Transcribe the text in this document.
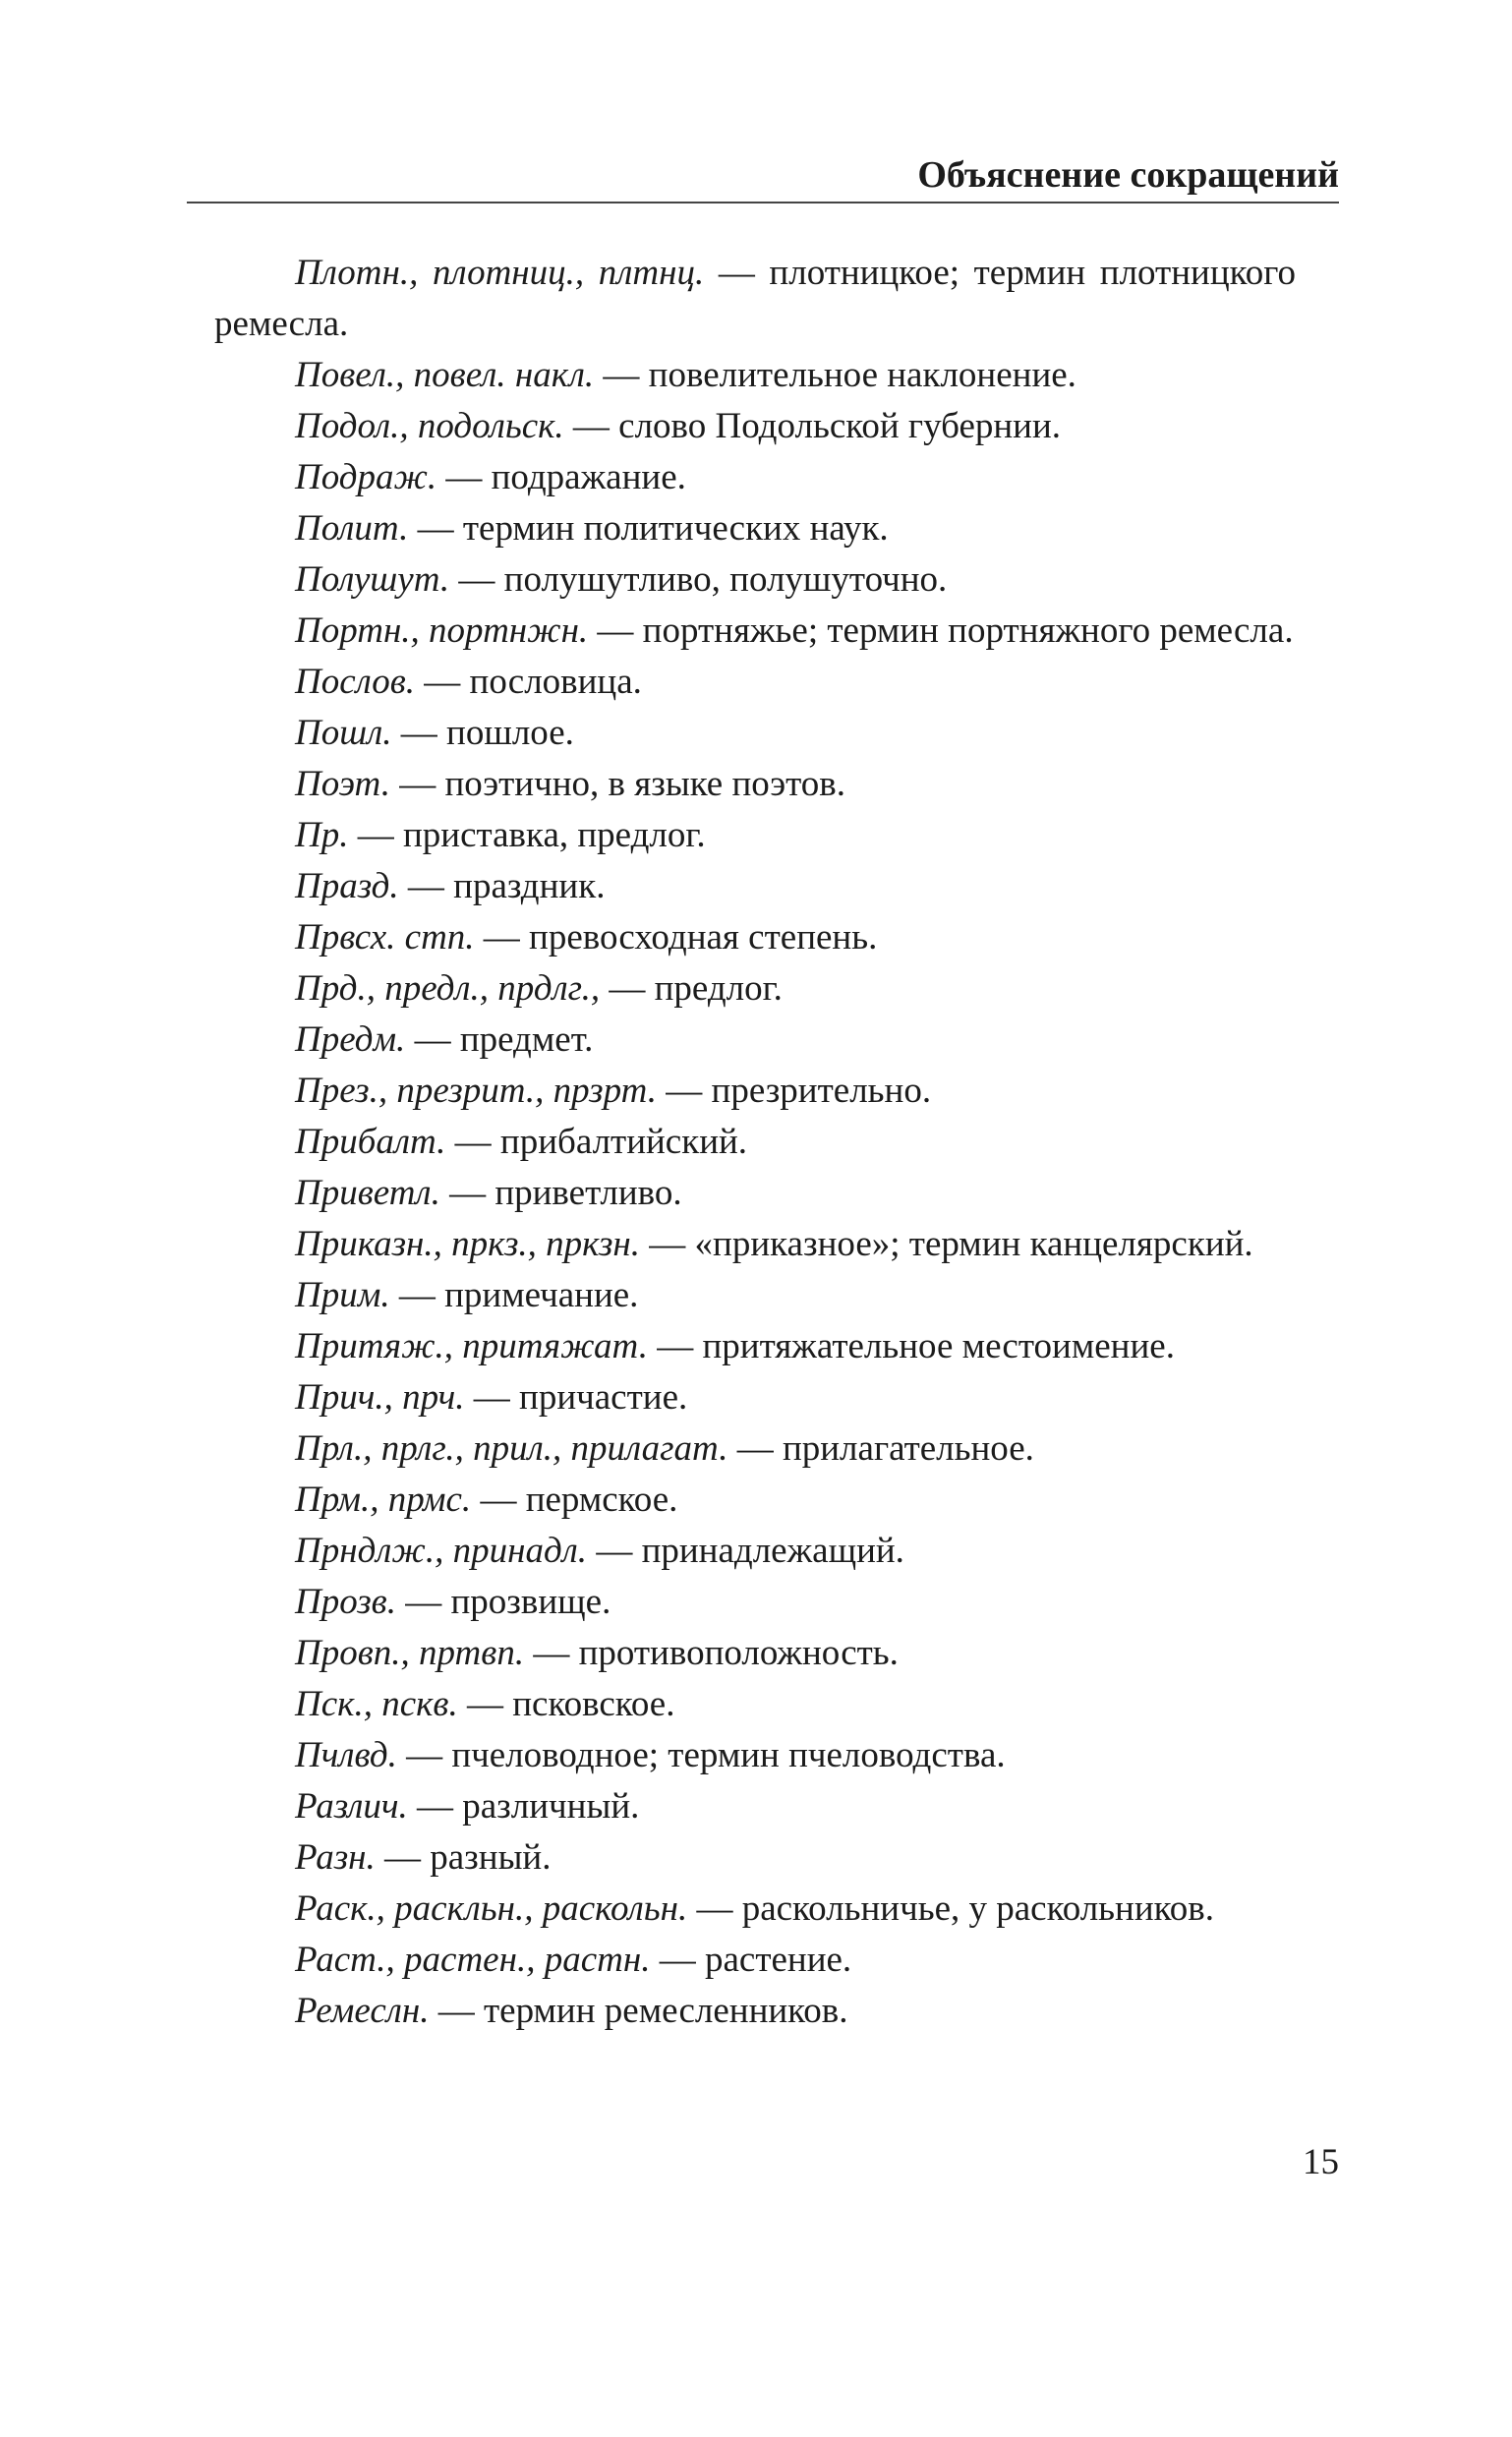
Объяснение сокращений

Плотн., плотниц., плтнц. — плотницкое; термин плотницкого ремесла.

Повел., повел. накл. — повелительное наклонение.

Подол., подольск. — слово Подольской губернии.

Подраж. — подражание.

Полит. — термин политических наук.

Полушут. — полушутливо, полушуточно.

Портн., портнжн. — портняжье; термин портняжного ремесла.

Послов. — пословица.

Пошл. — пошлое.

Поэт. — поэтично, в языке поэтов.

Пр. — приставка, предлог.

Празд. — праздник.

Првсх. стп. — превосходная степень.

Прд., предл., прдлг., — предлог.

Предм. — предмет.

През., презрит., прзрт. — презрительно.

Прибалт. — прибалтийский.

Приветл. — приветливо.

Приказн., пркз., пркзн. — «приказное»; термин канцелярский.

Прим. — примечание.

Притяж., притяжат. — притяжательное местоимение.

Прич., прч. — причастие.

Прл., прлг., прил., прилагат. — прилагательное.

Прм., прмс. — пермское.

Прндлж., принадл. — принадлежащий.

Прозв. — прозвище.

Провп., пртвп. — противоположность.

Пск., пскв. — псковское.

Пчлвд. — пчеловодное; термин пчеловодства.

Различ. — различный.

Разн. — разный.

Раск., раскльн., раскольн. — раскольничье, у раскольников.

Раст., растен., растн. — растение.

Ремеслн. — термин ремесленников.

15
